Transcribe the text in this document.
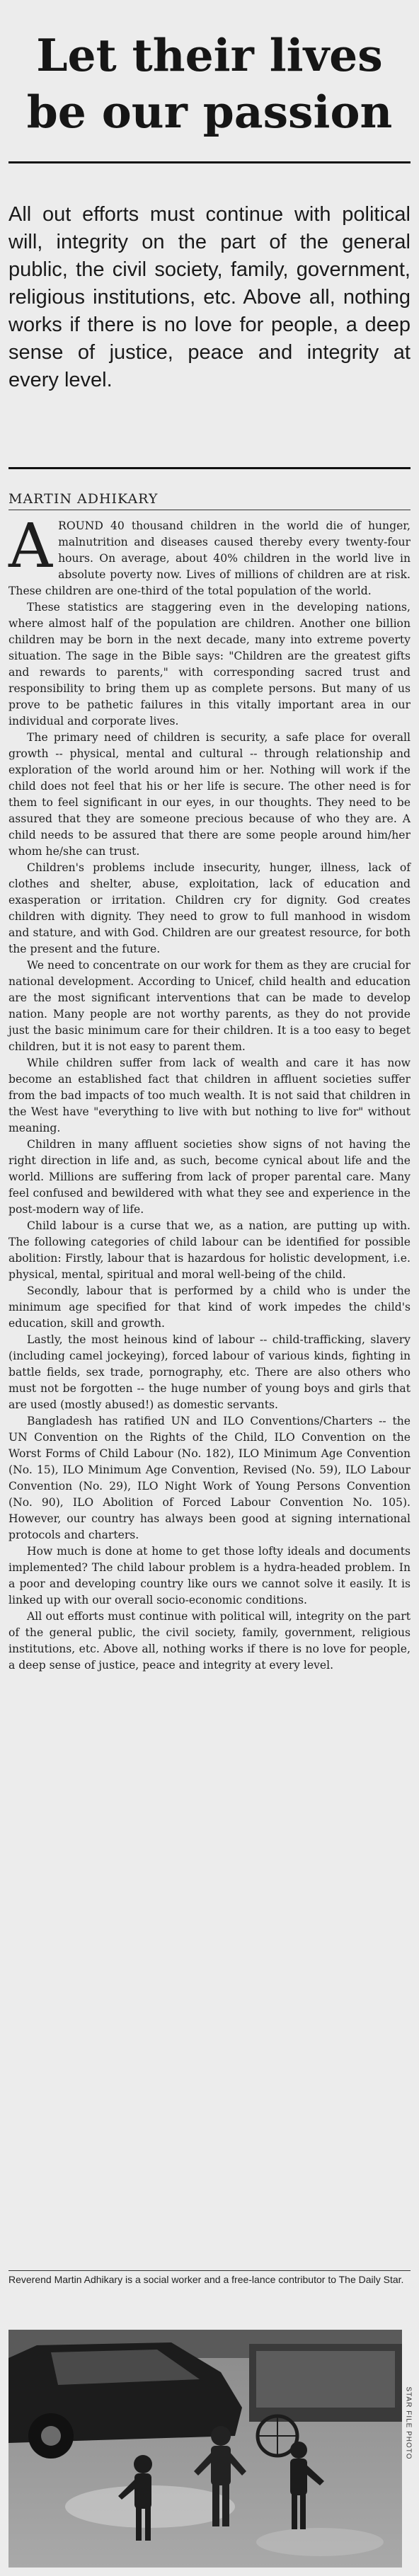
Let their lives
be our passion
All out efforts must continue with political will, integrity on the part of the general public, the civil society, family, government, religious institutions, etc. Above all, nothing works if there is no love for people, a deep sense of justice, peace and integrity at every level.
MARTIN ADHIKARY

A ROUND 40 thousand children in the world die of hunger, malnutrition and diseases caused thereby every twenty-four hours. On average, about 40% children in the world live in absolute poverty now. Lives of millions of children are at risk. These children are one-third of the total population of the world.

These statistics are staggering even in the developing nations, where almost half of the population are children. Another one billion children may be born in the next decade, many into extreme poverty situation. The sage in the Bible says: "Children are the greatest gifts and rewards to parents," with corresponding sacred trust and responsibility to bring them up as complete persons. But many of us prove to be pathetic failures in this vitally important area in our individual and corporate lives.

The primary need of children is security, a safe place for overall growth -- physical, mental and cultural -- through relationship and exploration of the world around him or her. Nothing will work if the child does not feel that his or her life is secure. The other need is for them to feel significant in our eyes, in our thoughts. They need to be assured that they are someone precious because of who they are. A child needs to be assured that there are some people around him/her whom he/she can trust.

Children's problems include insecurity, hunger, illness, lack of clothes and shelter, abuse, exploitation, lack of education and exasperation or irritation. Children cry for dignity. God creates children with dignity. They need to grow to full manhood in wisdom and stature, and with God. Children are our greatest resource, for both the present and the future.

We need to concentrate on our work for them as they are crucial for national development. According to Unicef, child health and education are the most significant interventions that can be made to develop nation. Many people are not worthy parents, as they do not provide just the basic minimum care for their children. It is a too easy to beget children, but it is not easy to parent them.

While children suffer from lack of wealth and care it has now become an established fact that children in affluent societies suffer from the bad impacts of too much wealth. It is not said that children in the West have "everything to live with but nothing to live for" without meaning.

Children in many affluent societies show signs of not having the right direction in life and, as such, become cynical about life and the world. Millions are suffering from lack of proper parental care. Many feel confused and bewildered with what they see and experience in the post-modern way of life.

Child labour is a curse that we, as a nation, are putting up with. The following categories of child labour can be identified for possible abolition: Firstly, labour that is hazardous for holistic development, i.e. physical, mental, spiritual and moral well-being of the child.

Secondly, labour that is performed by a child who is under the minimum age specified for that kind of work impedes the child's education, skill and growth.

Lastly, the most heinous kind of labour -- child-trafficking, slavery (including camel jockeying), forced labour of various kinds, fighting in battle fields, sex trade, pornography, etc. There are also others who must not be forgotten -- the huge number of young boys and girls that are used (mostly abused!) as domestic servants.

Bangladesh has ratified UN and ILO Conventions/Charters -- the UN Convention on the Rights of the Child, ILO Convention on the Worst Forms of Child Labour (No. 182), ILO Minimum Age Convention (No. 15), ILO Minimum Age Convention, Revised (No. 59), ILO Labour Convention (No. 29), ILO Night Work of Young Persons Convention (No. 90), ILO Abolition of Forced Labour Convention No. 105). However, our country has always been good at signing international protocols and charters.

How much is done at home to get those lofty ideals and documents implemented? The child labour problem is a hydra-headed problem. In a poor and developing country like ours we cannot solve it easily. It is linked up with our overall socio-economic conditions.

All out efforts must continue with political will, integrity on the part of the general public, the civil society, family, government, religious institutions, etc. Above all, nothing works if there is no love for people, a deep sense of justice, peace and integrity at every level.

Reverend Martin Adhikary is a social worker and a free-lance contributor to The Daily Star.
STAR FILE PHOTO
